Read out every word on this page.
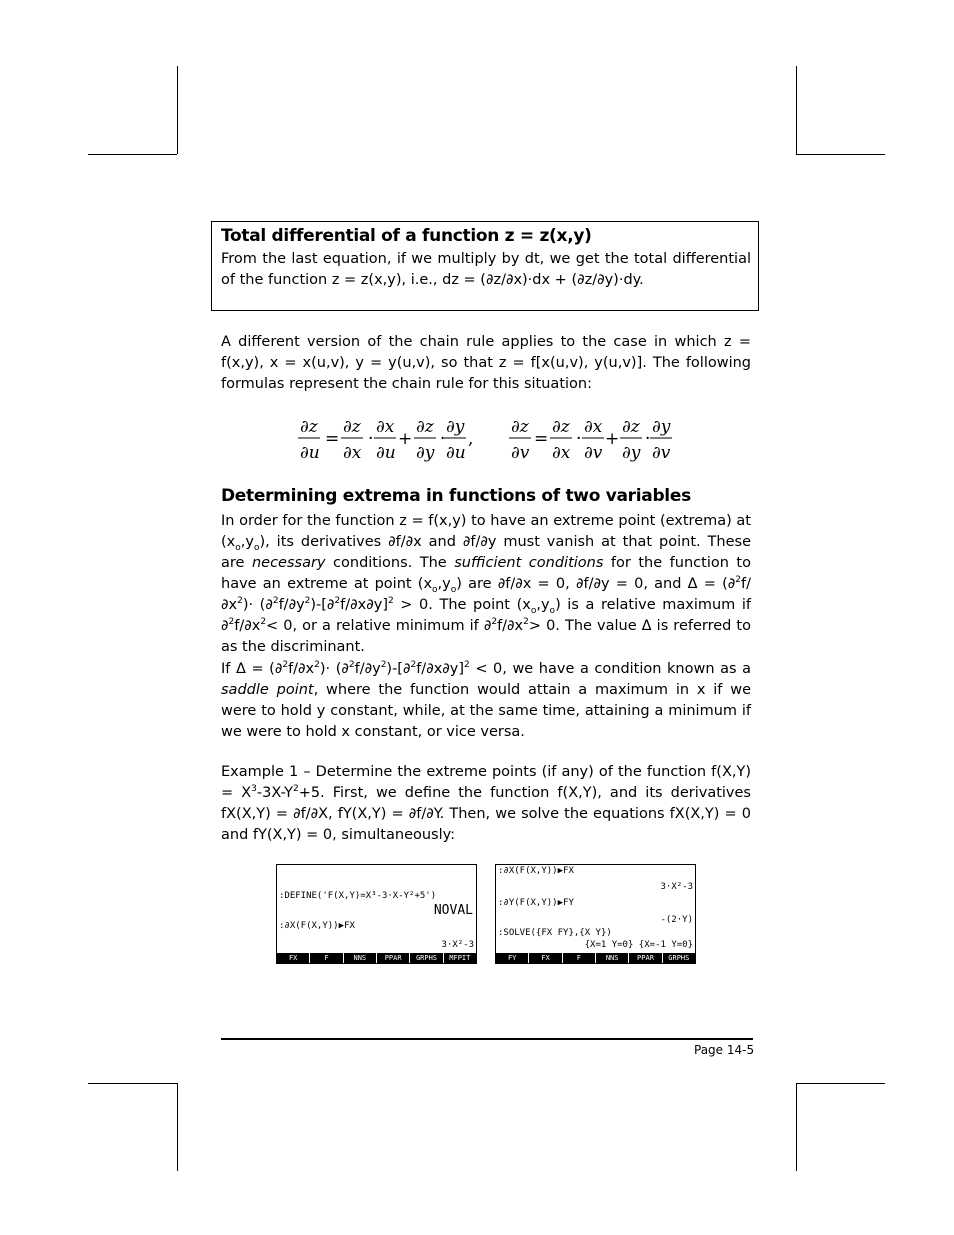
Total differential of a function z = z(x,y)
From the last equation, if we multiply by dt, we get the total differential of the function z = z(x,y), i.e., dz = (∂z/∂x)·dx + (∂z/∂y)·dy.
A different version of the chain rule applies to the case in which z = f(x,y), x = x(u,v), y = y(u,v), so that z = f[x(u,v), y(u,v)]. The following formulas represent the chain rule for this situation:
∂z
∂u
=
∂z
∂x
·
∂x
∂u
+
∂z
∂y
·
∂y
∂u
,
∂z
∂v
=
∂z
∂x
·
∂x
∂v
+
∂z
∂y
·
∂y
∂v
Determining extrema in functions of two variables
In order for the function z = f(x,y) to have an extreme point (extrema) at $(x_o,y_o)$, its derivatives ∂f/∂x and ∂f/∂y must vanish at that point. These are necessary conditions. The sufficient conditions for the function to have an extreme at point $(x_o,y_o)$ are ∂f/∂x = 0, ∂f/∂y = 0, and $\Delta = (\partial^2f/\partial x^2)\cdot (\partial^2f/\partial y^2)-[\partial^2f/\partial x\partial y]^2 > 0$. The point $(x_o,y_o)$ is a relative maximum if $\partial^2f/\partial x^2< 0$, or a relative minimum if $\partial^2f/\partial x^2> 0$. The value Δ is referred to as the discriminant.
If $\Delta = (\partial^2f/\partial x^2)\cdot (\partial^2f/\partial y^2)-[\partial^2f/\partial x\partial y]^2 < 0$, we have a condition known as a saddle point, where the function would attain a maximum in x if we were to hold y constant, while, at the same time, attaining a minimum if we were to hold x constant, or vice versa.
Example 1 – Determine the extreme points (if any) of the function $f(X,Y) = X^3-3X-Y^2+5$. First, we define the function f(X,Y), and its derivatives fX(X,Y) = ∂f/∂X, fY(X,Y) = ∂f/∂Y. Then, we solve the equations fX(X,Y) = 0 and fY(X,Y) = 0, simultaneously:
:DEFINE('F(X,Y)=X³-3·X-Y²+5')
NOVAL
:∂X(F(X,Y))▶FX
3·X²-3
FX	F	NNS	PPAR	GRPHS	MFPIT
:∂X(F(X,Y))▶FX
3·X²-3
:∂Y(F(X,Y))▶FY
-(2·Y)
:SOLVE({FX FY},{X Y})
{X=1 Y=0} {X=-1 Y=0}
FY	FX	F	NNS	PPAR	GRPHS
Page 14-5
